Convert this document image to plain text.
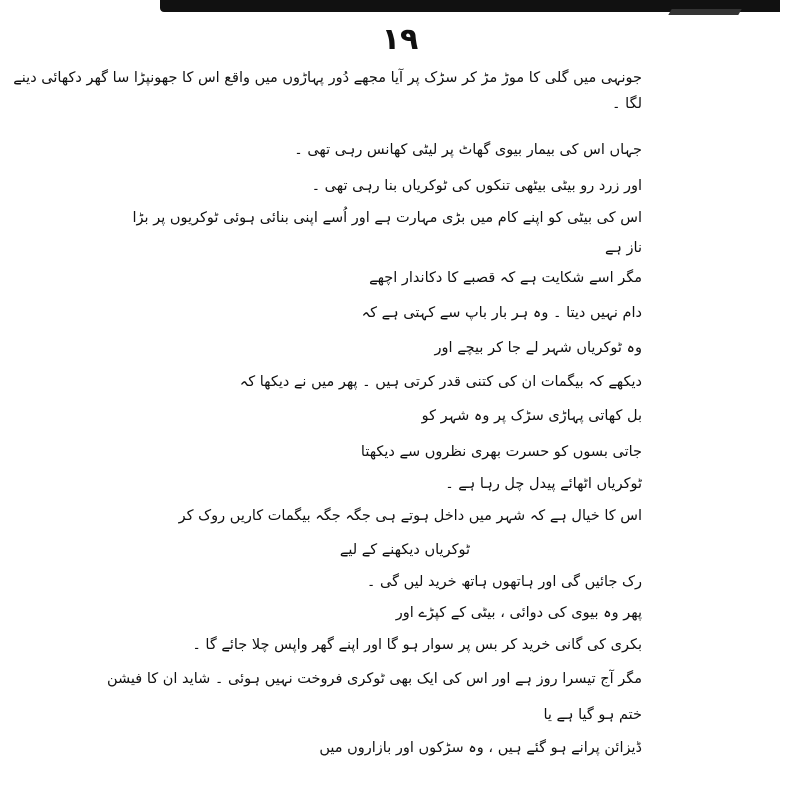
١٩
جونہی میں گلی کا موڑ مڑ کر سڑک پر آیا مجھے دُور پہاڑوں میں واقع اس کا جھونپڑا سا گھر دکھائی دینے
لگا ۔
جہاں اس کی بیمار بیوی گھاٹ پر لیٹی کھانس رہی تھی ۔
اور زرد رو بیٹی بیٹھی تنکوں کی ٹوکریاں بنا رہی تھی ۔
اس کی بیٹی کو اپنے کام میں بڑی مہارت ہے اور اُسے اپنی بنائی ہوئی ٹوکریوں پر بڑا
ناز ہے
مگر اسے شکایت ہے کہ قصبے کا دکاندار اچھے
دام نہیں دیتا ۔ وہ ہر بار باپ سے کہتی ہے کہ
وہ ٹوکریاں شہر لے جا کر بیچے اور
دیکھے کہ بیگمات ان کی کتنی قدر کرتی ہیں ۔ پھر میں نے دیکھا کہ
بل کھاتی پہاڑی سڑک پر وہ شہر کو
جاتی بسوں کو حسرت بھری نظروں سے دیکھتا
ٹوکریاں اٹھائے پیدل چل رہا ہے ۔
اس کا خیال ہے کہ شہر میں داخل ہوتے ہی جگہ جگہ بیگمات کاریں روک کر
ٹوکریاں دیکھنے کے لیے
رک جائیں گی اور ہاتھوں ہاتھ خرید لیں گی ۔
پھر وہ بیوی کی دوائی ، بیٹی کے کپڑے اور
بکری کی گانی خرید کر بس پر سوار ہو گا اور اپنے گھر واپس چلا جائے گا ۔
مگر آج تیسرا روز ہے اور اس کی ایک بھی ٹوکری فروخت نہیں ہوئی ۔ شاید ان کا فیشن
ختم ہو گیا ہے یا
ڈیزائن پرانے ہو گئے ہیں ، وہ سڑکوں اور بازاروں میں
